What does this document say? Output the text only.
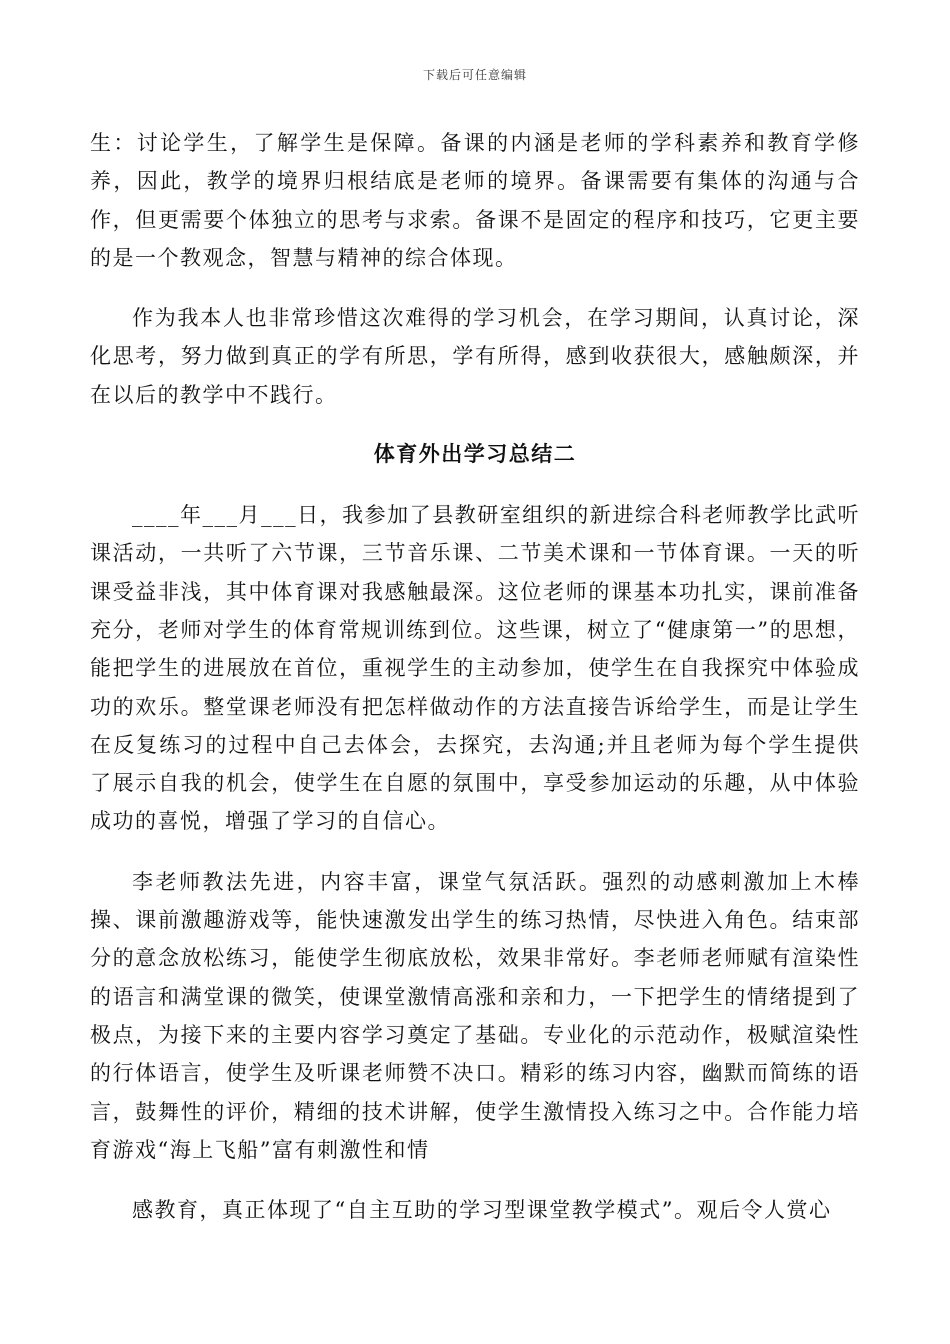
下载后可任意编辑

生：讨论学生，了解学生是保障。备课的内涵是老师的学科素养和教育学修养，因此，教学的境界归根结底是老师的境界。备课需要有集体的沟通与合作，但更需要个体独立的思考与求索。备课不是固定的程序和技巧，它更主要的是一个教观念，智慧与精神的综合体现。

作为我本人也非常珍惜这次难得的学习机会，在学习期间，认真讨论，深化思考，努力做到真正的学有所思，学有所得，感到收获很大，感触颇深，并在以后的教学中不践行。

体育外出学习总结二

____年___月___日，我参加了县教研室组织的新进综合科老师教学比武听课活动，一共听了六节课，三节音乐课、二节美术课和一节体育课。一天的听课受益非浅，其中体育课对我感触最深。这位老师的课基本功扎实，课前准备充分，老师对学生的体育常规训练到位。这些课，树立了“健康第一”的思想，能把学生的进展放在首位，重视学生的主动参加，使学生在自我探究中体验成功的欢乐。整堂课老师没有把怎样做动作的方法直接告诉给学生，而是让学生在反复练习的过程中自己去体会，去探究，去沟通;并且老师为每个学生提供了展示自我的机会，使学生在自愿的氛围中，享受参加运动的乐趣，从中体验成功的喜悦，增强了学习的自信心。

李老师教法先进，内容丰富，课堂气氛活跃。强烈的动感刺激加上木棒操、课前激趣游戏等，能快速激发出学生的练习热情，尽快进入角色。结束部分的意念放松练习，能使学生彻底放松，效果非常好。李老师老师赋有渲染性的语言和满堂课的微笑，使课堂激情高涨和亲和力，一下把学生的情绪提到了极点，为接下来的主要内容学习奠定了基础。专业化的示范动作，极赋渲染性的行体语言，使学生及听课老师赞不决口。精彩的练习内容，幽默而简练的语言，鼓舞性的评价，精细的技术讲解，使学生激情投入练习之中。合作能力培育游戏“海上飞船”富有刺激性和情

感教育，真正体现了“自主互助的学习型课堂教学模式”。观后令人赏心
